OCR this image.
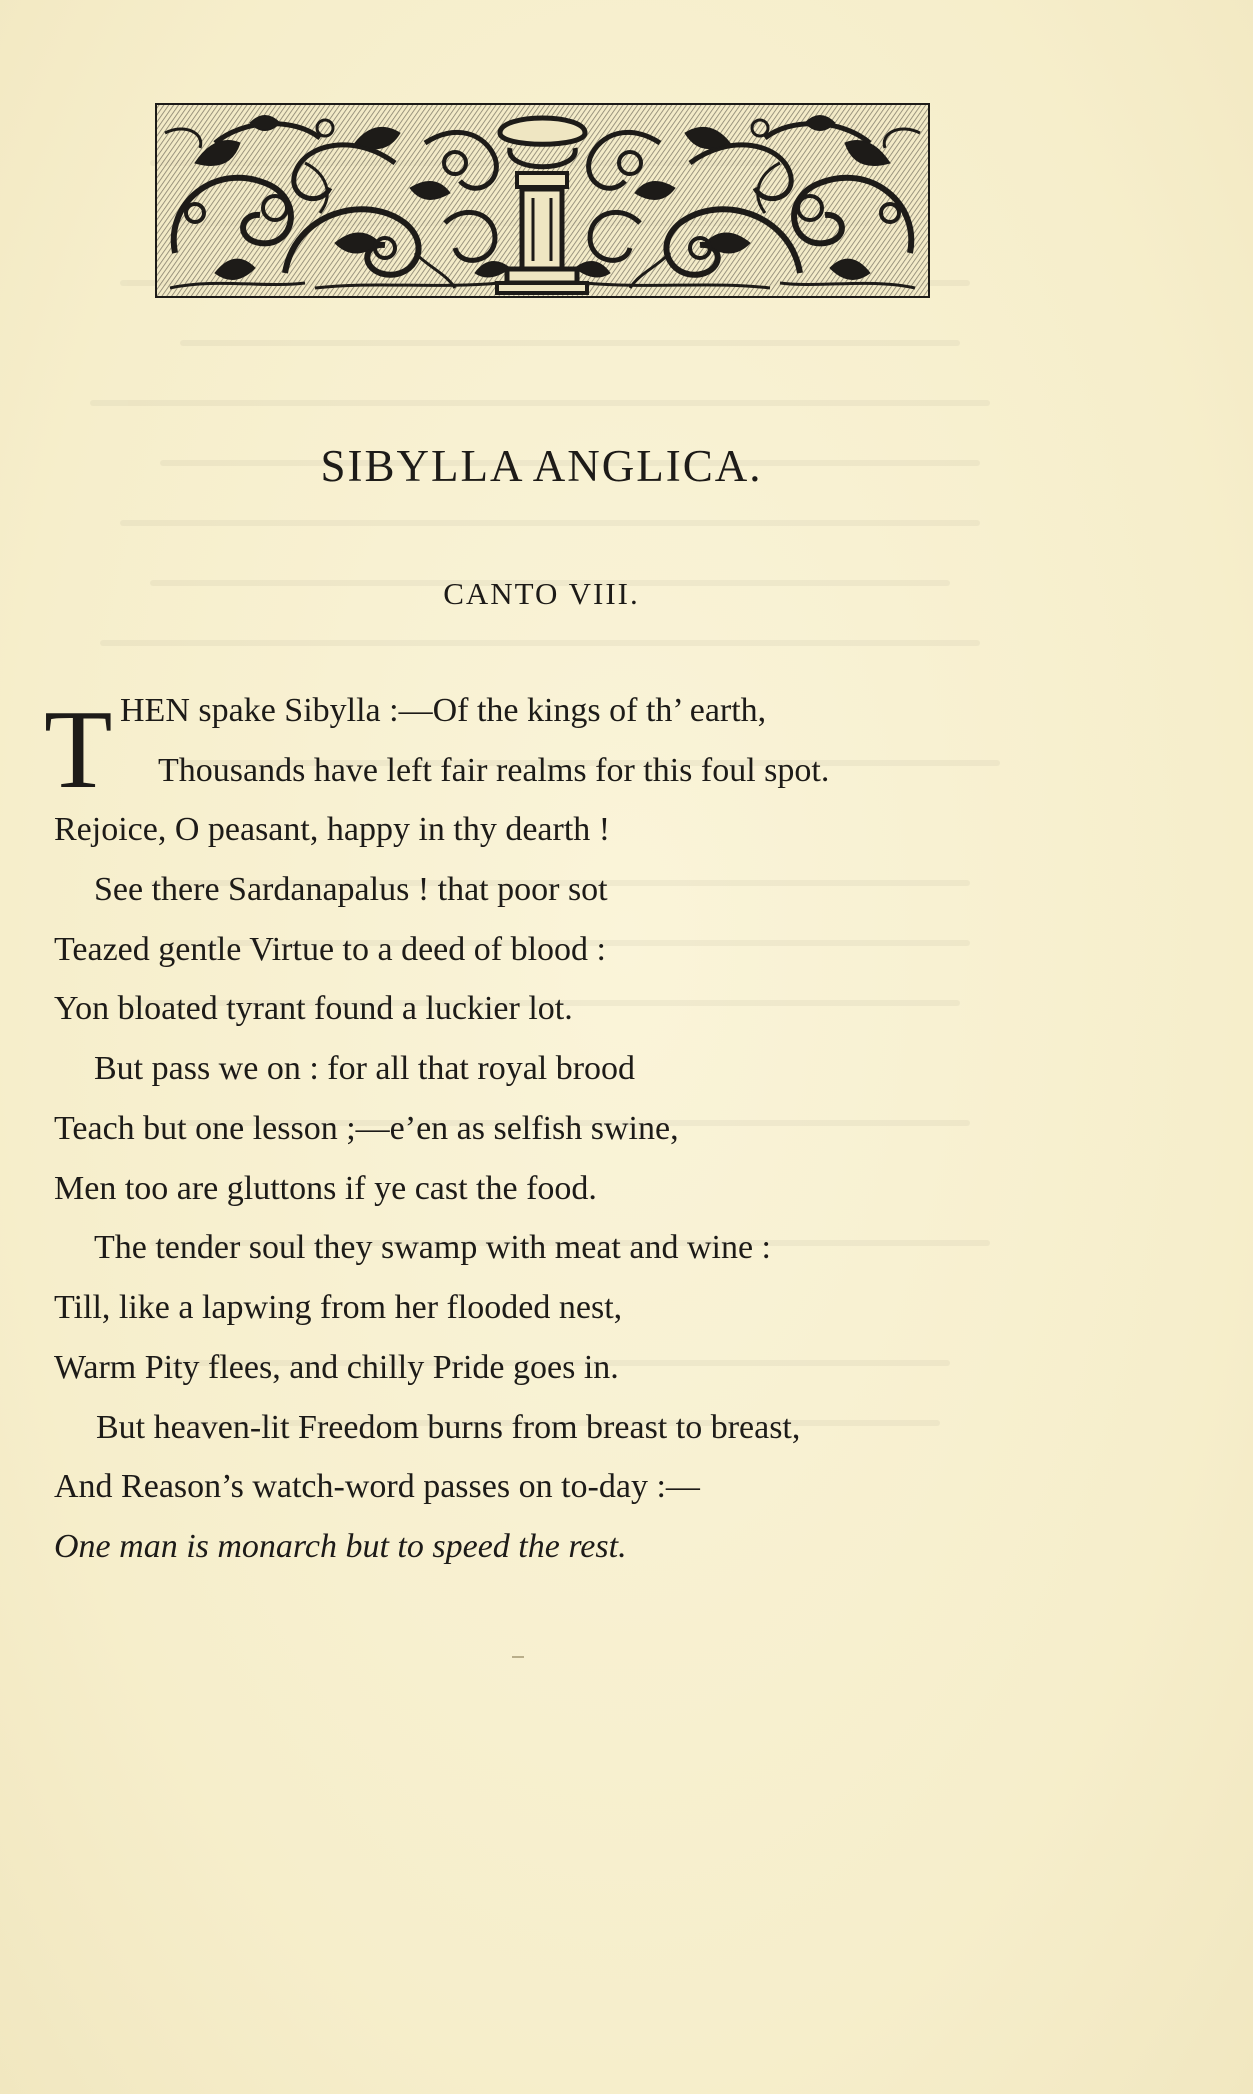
SIBYLLA ANGLICA.
CANTO VIII.
T HEN spake Sibylla :—Of the kings of th’ earth,
Thousands have left fair realms for this foul spot.
Rejoice, O peasant, happy in thy dearth !
See there Sardanapalus ! that poor sot
Teazed gentle Virtue to a deed of blood :
Yon bloated tyrant found a luckier lot.
But pass we on : for all that royal brood
Teach but one lesson ;—e’en as selfish swine,
Men too are gluttons if ye cast the food.
The tender soul they swamp with meat and wine :
Till, like a lapwing from her flooded nest,
Warm Pity flees, and chilly Pride goes in.
But heaven-lit Freedom burns from breast to breast,
And Reason’s watch-word passes on to-day :—
One man is monarch but to speed the rest.
